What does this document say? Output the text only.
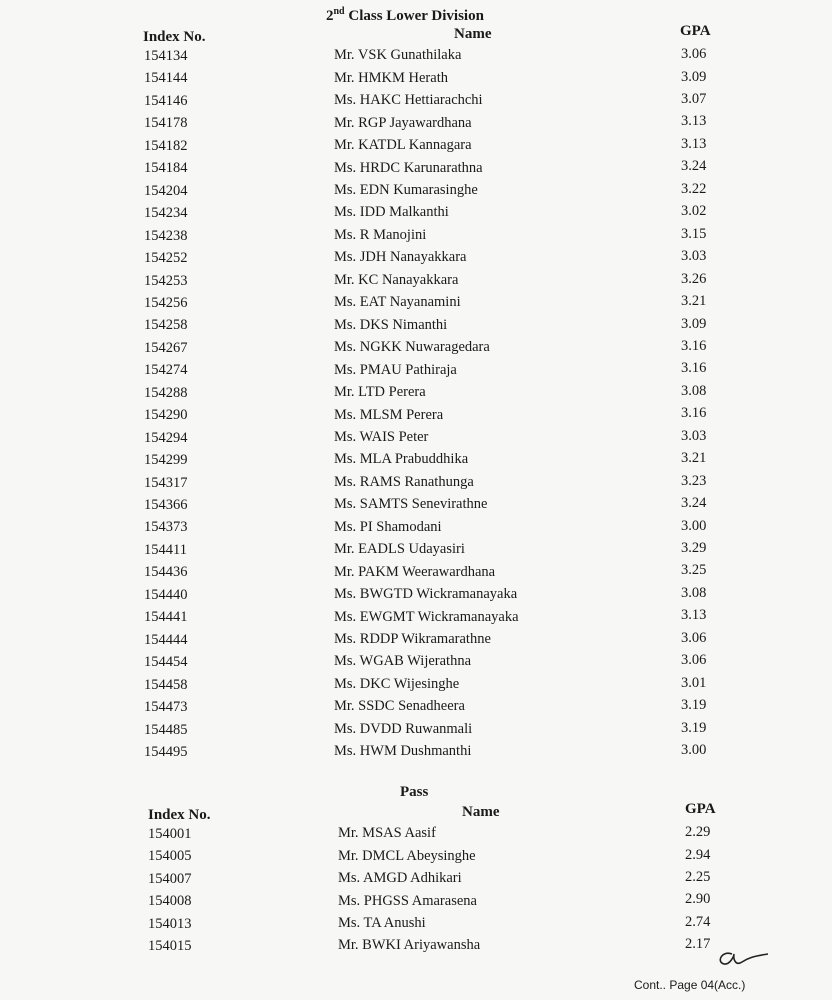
2nd Class Lower Division
Index No.	Name	GPA
154134	Mr. VSK Gunathilaka	3.06
154144	Mr. HMKM Herath	3.09
154146	Ms. HAKC Hettiarachchi	3.07
154178	Mr. RGP Jayawardhana	3.13
154182	Mr. KATDL Kannagara	3.13
154184	Ms. HRDC Karunarathna	3.24
154204	Ms. EDN Kumarasinghe	3.22
154234	Ms. IDD Malkanthi	3.02
154238	Ms. R Manojini	3.15
154252	Ms. JDH Nanayakkara	3.03
154253	Mr. KC Nanayakkara	3.26
154256	Ms. EAT Nayanamini	3.21
154258	Ms. DKS Nimanthi	3.09
154267	Ms. NGKK Nuwaragedara	3.16
154274	Ms. PMAU Pathiraja	3.16
154288	Mr. LTD Perera	3.08
154290	Ms. MLSM Perera	3.16
154294	Ms. WAIS Peter	3.03
154299	Ms. MLA Prabuddhika	3.21
154317	Ms. RAMS Ranathunga	3.23
154366	Ms. SAMTS Senevirathne	3.24
154373	Ms. PI Shamodani	3.00
154411	Mr. EADLS Udayasiri	3.29
154436	Mr. PAKM Weerawardhana	3.25
154440	Ms. BWGTD Wickramanayaka	3.08
154441	Ms. EWGMT Wickramanayaka	3.13
154444	Ms. RDDP Wikramarathne	3.06
154454	Ms. WGAB Wijerathna	3.06
154458	Ms. DKC Wijesinghe	3.01
154473	Mr. SSDC Senadheera	3.19
154485	Ms. DVDD Ruwanmali	3.19
154495	Ms. HWM Dushmanthi	3.00
Pass
Index No.	Name	GPA
154001	Mr. MSAS Aasif	2.29
154005	Mr. DMCL Abeysinghe	2.94
154007	Ms. AMGD Adhikari	2.25
154008	Ms. PHGSS Amarasena	2.90
154013	Ms. TA Anushi	2.74
154015	Mr. BWKI Ariyawansha	2.17
Cont.. Page 04(Acc.)
